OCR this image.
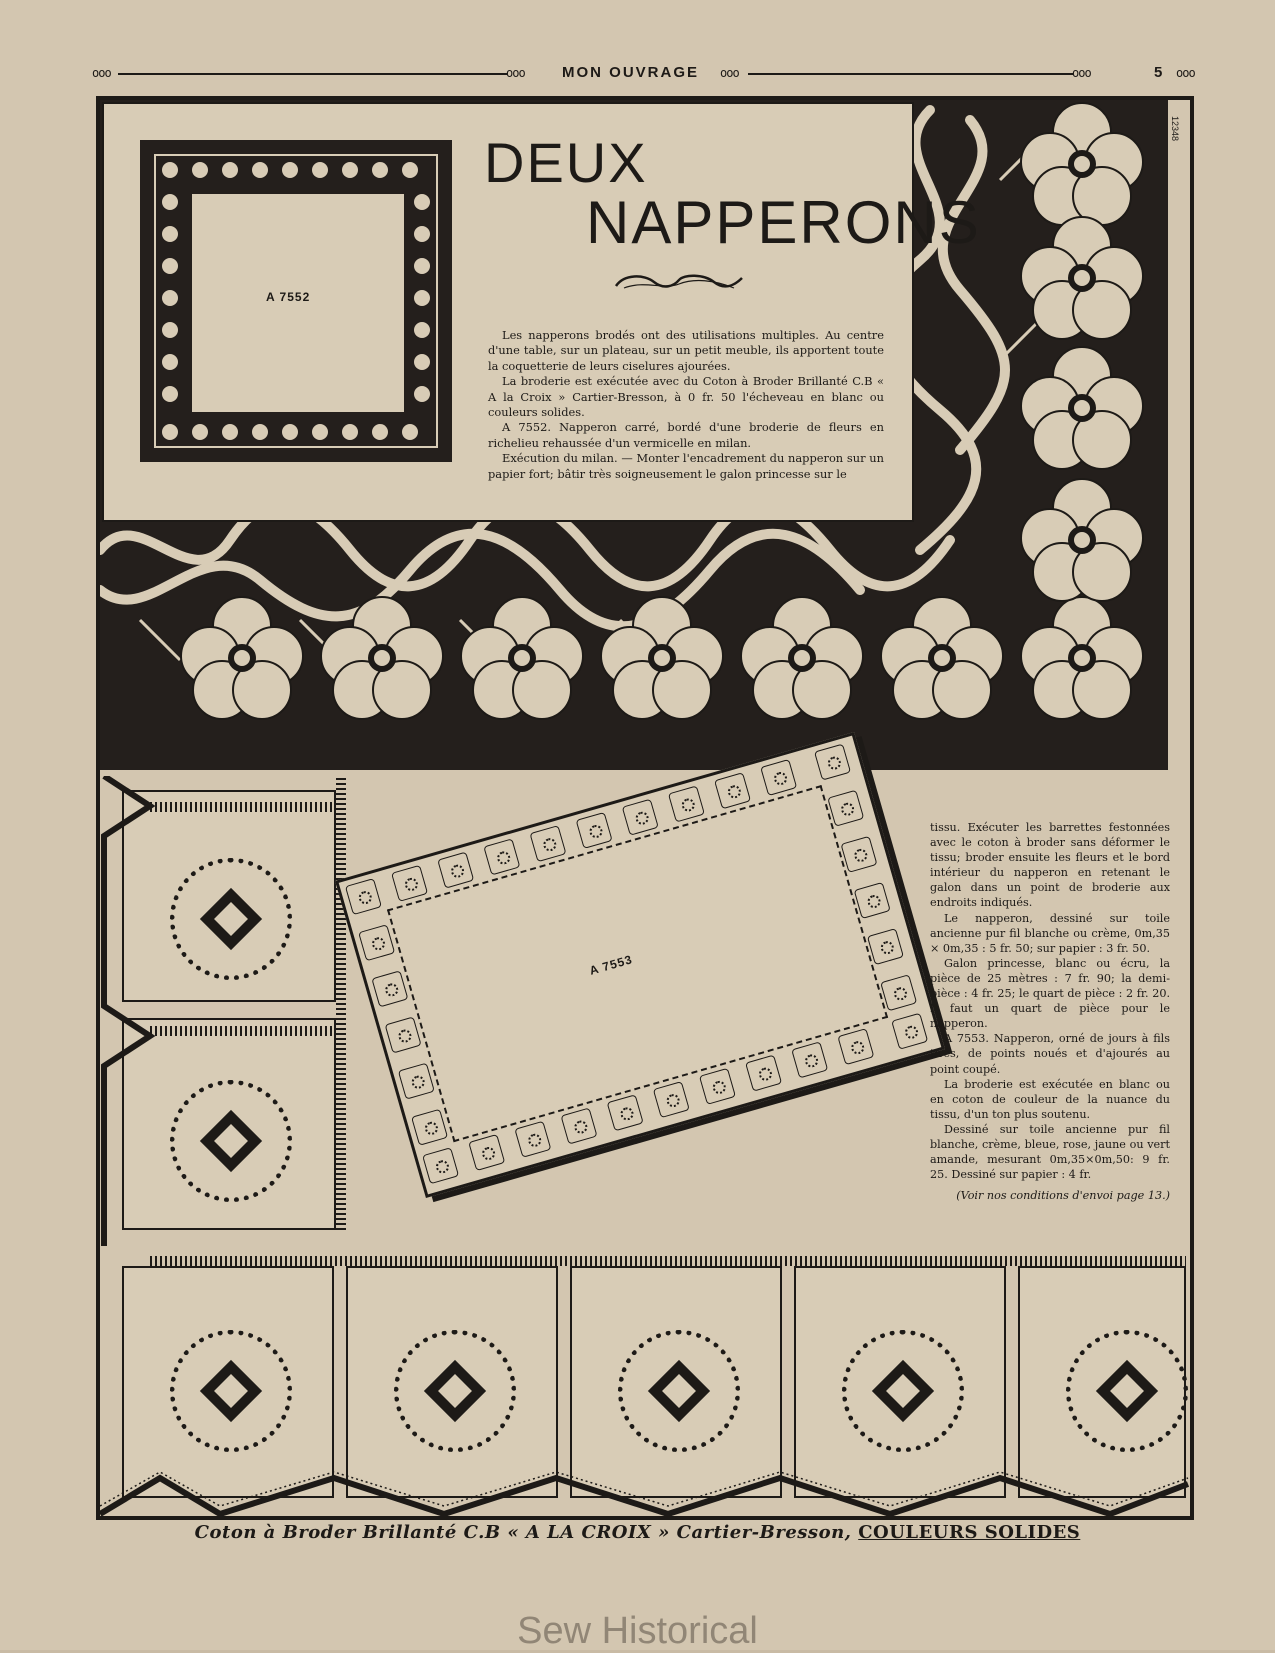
ooo	ooo MON OUVRAGE ooo	ooo	5 ooo
12348
A 7552
DEUX
NAPPERONS

Les napperons brodés ont des utilisations multiples. Au centre d'une table, sur un plateau, sur un petit meuble, ils apportent toute la coquetterie de leurs ciselures ajourées.

La broderie est exécutée avec du Coton à Broder Brillanté C.B « A la Croix » Cartier-Bresson, à 0 fr. 50 l'écheveau en blanc ou couleurs solides.

A 7552. Napperon carré, bordé d'une broderie de fleurs en richelieu rehaussée d'un vermicelle en milan.

Exécution du milan. — Monter l'encadrement du napperon sur un papier fort; bâtir très soigneusement le galon princesse sur le

A 7553

tissu. Exécuter les barrettes festonnées avec le coton à broder sans déformer le tissu; broder ensuite les fleurs et le bord intérieur du napperon en retenant le galon dans un point de broderie aux endroits indiqués.

Le napperon, dessiné sur toile ancienne pur fil blanche ou crème, 0m,35 × 0m,35 : 5 fr. 50; sur papier : 3 fr. 50.

Galon princesse, blanc ou écru, la pièce de 25 mètres : 7 fr. 90; la demi-pièce : 4 fr. 25; le quart de pièce : 2 fr. 20. Il faut un quart de pièce pour le napperon.

A 7553. Napperon, orné de jours à fils tirés, de points noués et d'ajourés au point coupé.

La broderie est exécutée en blanc ou en coton de couleur de la nuance du tissu, d'un ton plus soutenu.

Dessiné sur toile ancienne pur fil blanche, crème, bleue, rose, jaune ou vert amande, mesurant 0m,35×0m,50: 9 fr. 25. Dessiné sur papier : 4 fr.

(Voir nos conditions d'envoi page 13.)

Coton à Broder Brillanté C.B « A LA CROIX » Cartier-Bresson, COULEURS SOLIDES
Sew Historical
